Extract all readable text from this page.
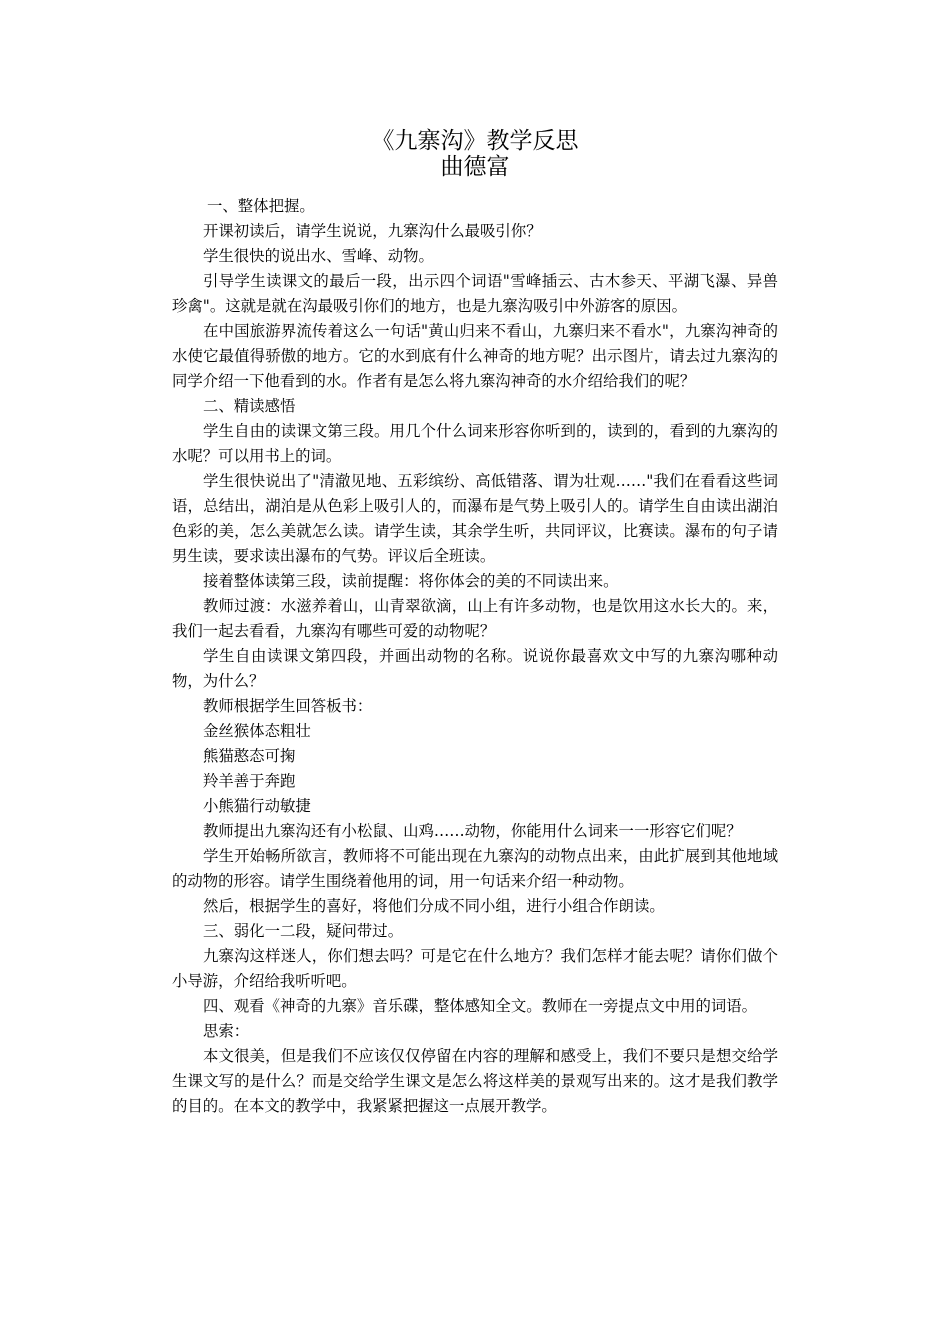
《九寨沟》教学反思
曲德富

一、整体把握。

开课初读后，请学生说说，九寨沟什么最吸引你？

学生很快的说出水、雪峰、动物。

引导学生读课文的最后一段，出示四个词语"雪峰插云、古木参天、平湖飞瀑、异兽珍禽"。这就是就在沟最吸引你们的地方，也是九寨沟吸引中外游客的原因。

在中国旅游界流传着这么一句话"黄山归来不看山，九寨归来不看水"，九寨沟神奇的水使它最值得骄傲的地方。它的水到底有什么神奇的地方呢？出示图片，请去过九寨沟的同学介绍一下他看到的水。作者有是怎么将九寨沟神奇的水介绍给我们的呢？

二、精读感悟

学生自由的读课文第三段。用几个什么词来形容你听到的，读到的，看到的九寨沟的水呢？可以用书上的词。

学生很快说出了"清澈见地、五彩缤纷、高低错落、谓为壮观……"我们在看看这些词语，总结出，湖泊是从色彩上吸引人的，而瀑布是气势上吸引人的。请学生自由读出湖泊色彩的美，怎么美就怎么读。请学生读，其余学生听，共同评议，比赛读。瀑布的句子请男生读，要求读出瀑布的气势。评议后全班读。

接着整体读第三段，读前提醒：将你体会的美的不同读出来。

教师过渡：水滋养着山，山青翠欲滴，山上有许多动物，也是饮用这水长大的。来，我们一起去看看，九寨沟有哪些可爱的动物呢？

学生自由读课文第四段，并画出动物的名称。说说你最喜欢文中写的九寨沟哪种动物，为什么？

教师根据学生回答板书：

金丝猴体态粗壮

熊猫憨态可掬

羚羊善于奔跑

小熊猫行动敏捷

教师提出九寨沟还有小松鼠、山鸡……动物，你能用什么词来一一形容它们呢？

学生开始畅所欲言，教师将不可能出现在九寨沟的动物点出来，由此扩展到其他地域的动物的形容。请学生围绕着他用的词，用一句话来介绍一种动物。

然后，根据学生的喜好，将他们分成不同小组，进行小组合作朗读。

三、弱化一二段，疑问带过。

九寨沟这样迷人，你们想去吗？可是它在什么地方？我们怎样才能去呢？请你们做个小导游，介绍给我听听吧。

四、观看《神奇的九寨》音乐碟，整体感知全文。教师在一旁提点文中用的词语。

思索：

本文很美，但是我们不应该仅仅停留在内容的理解和感受上，我们不要只是想交给学生课文写的是什么？而是交给学生课文是怎么将这样美的景观写出来的。这才是我们教学的目的。在本文的教学中，我紧紧把握这一点展开教学。
